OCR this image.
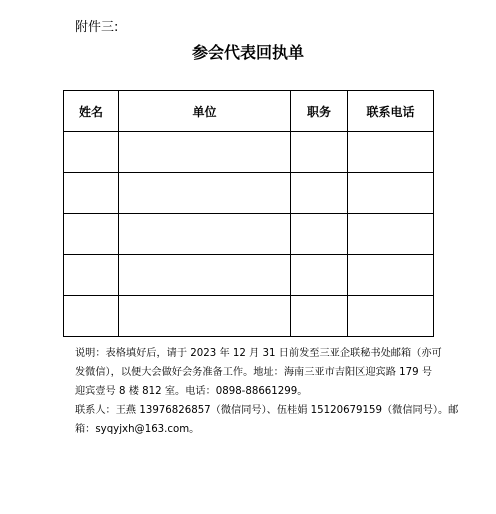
附件三:
参会代表回执单
姓名	单位	职务	联系电话

说明：表格填好后，请于 2023 年 12 月 31 日前发至三亚企联秘书处邮箱（亦可

发微信），以便大会做好会务准备工作。地址：海南三亚市吉阳区迎宾路 179 号

迎宾壹号 8 楼 812 室。电话：0898-88661299。

联系人：王燕 13976826857（微信同号）、伍桂娟 15120679159（微信同号）。邮

箱：syqyjxh@163.com。
